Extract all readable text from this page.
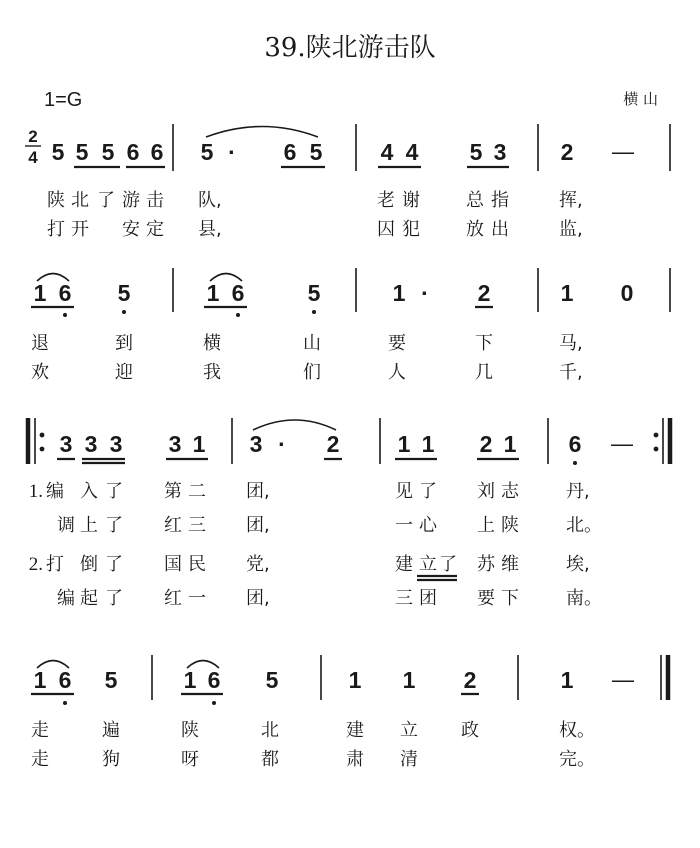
39.陕北游击队
1=G	横 山
2
4 5 5 5 6 6 5 · 6 5	4 4 5 3 2 —
陕 北 了 游 击 队,	老 谢	总 指	挥,
打 开 安 定 县,	囚 犯	放 出	监,
1 6 5	1 6	5	1 · 2	1 0
退	到	横	山	要	下	马,
欢	迎	我	们	人	几	千,
3 3 3 3 1 3 · 2	1 1 2 1 6 —
1. 编 入 了 第 二 团,	见 了 刘 志	丹,
调 上 了 红 三 团,	一 心 上 陕	北。
2. 打 倒 了 国 民 党,	建 立 了 苏 维	埃,
编 起 了 红 一 团,	三 团 要 下	南。
1 6 5	1 6 5	1 1 2	1 —
走	遍	陕	北	建 立 政	权。
走	狗	呀	都	肃 清	完。
